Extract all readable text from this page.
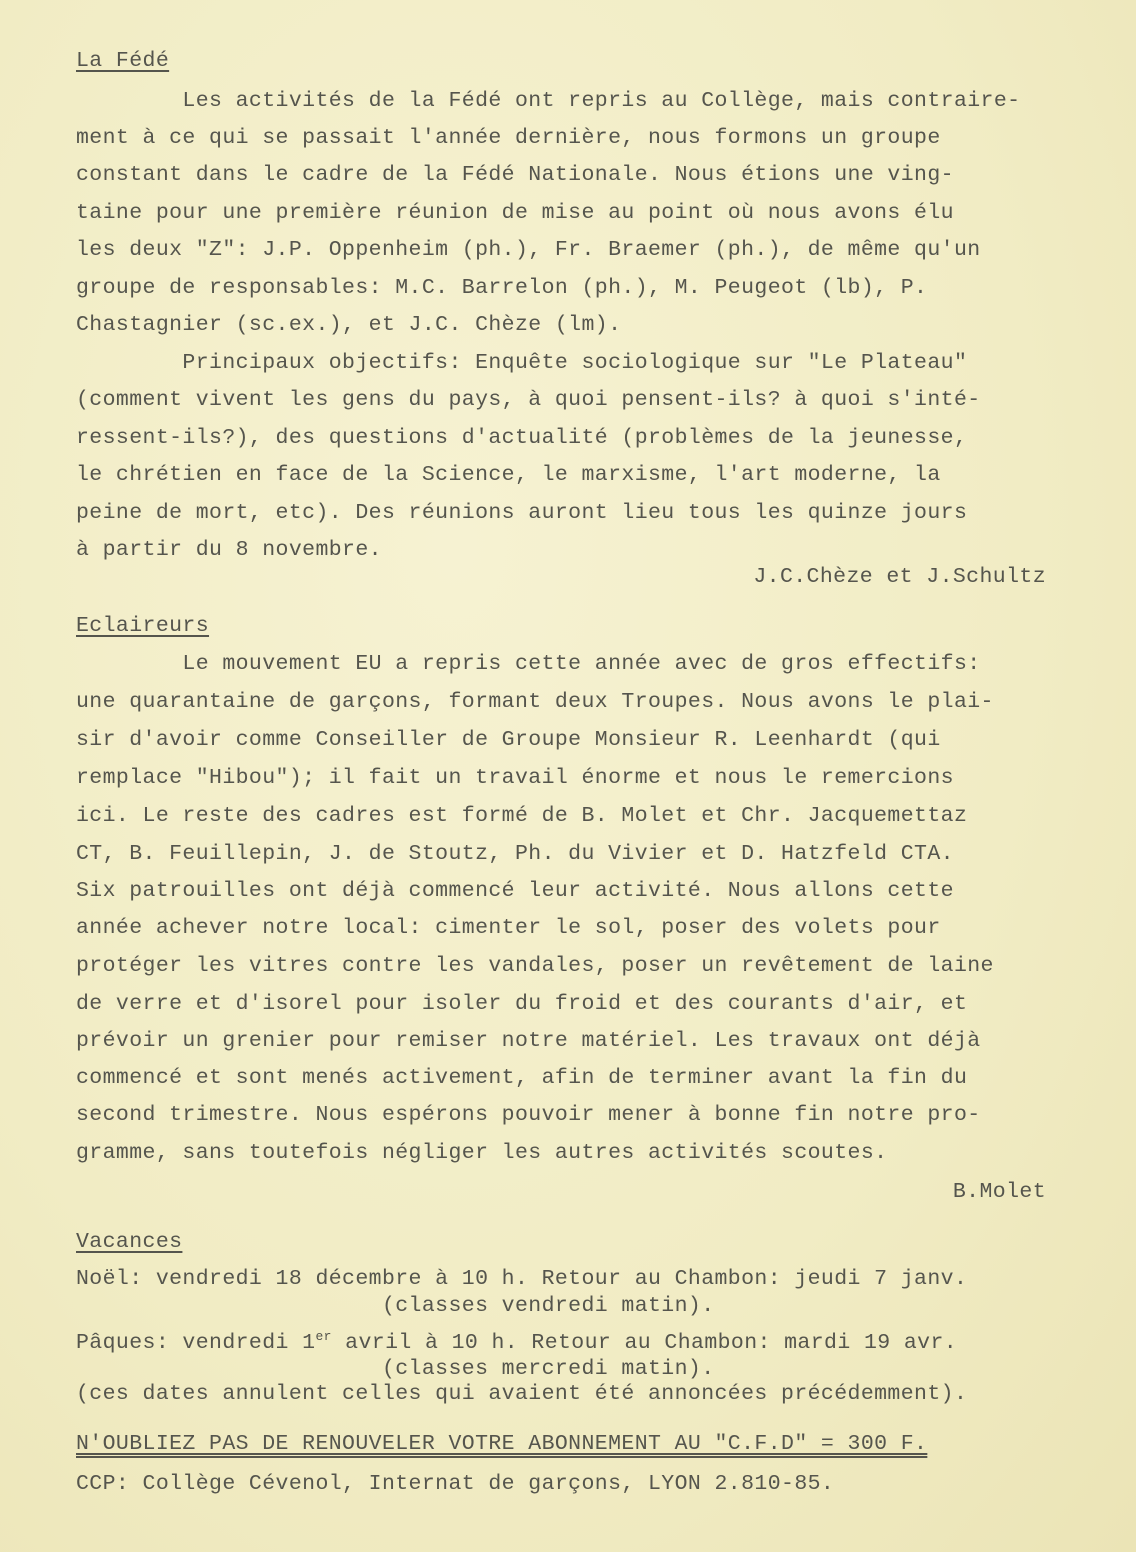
La Fédé
Les activités de la Fédé ont repris au Collège, mais contraire-
ment à ce qui se passait l'année dernière, nous formons un groupe
constant dans le cadre de la Fédé Nationale. Nous étions une ving-
taine pour une première réunion de mise au point où nous avons élu
les deux "Z": J.P. Oppenheim (ph.), Fr. Braemer (ph.), de même qu'un
groupe de responsables: M.C. Barrelon (ph.), M. Peugeot (lb), P.
Chastagnier (sc.ex.), et J.C. Chèze (lm).
Principaux objectifs: Enquête sociologique sur "Le Plateau"
(comment vivent les gens du pays, à quoi pensent-ils? à quoi s'inté-
ressent-ils?), des questions d'actualité (problèmes de la jeunesse,
le chrétien en face de la Science, le marxisme, l'art moderne, la
peine de mort, etc). Des réunions auront lieu tous les quinze jours
à partir du 8 novembre.
J.C.Chèze et J.Schultz
Eclaireurs
Le mouvement EU a repris cette année avec de gros effectifs:
une quarantaine de garçons, formant deux Troupes. Nous avons le plai-
sir d'avoir comme Conseiller de Groupe Monsieur R. Leenhardt (qui
remplace "Hibou"); il fait un travail énorme et nous le remercions
ici. Le reste des cadres est formé de B. Molet et Chr. Jacquemettaz
CT, B. Feuillepin, J. de Stoutz, Ph. du Vivier et D. Hatzfeld CTA.
Six patrouilles ont déjà commencé leur activité. Nous allons cette
année achever notre local: cimenter le sol, poser des volets pour
protéger les vitres contre les vandales, poser un revêtement de laine
de verre et d'isorel pour isoler du froid et des courants d'air, et
prévoir un grenier pour remiser notre matériel. Les travaux ont déjà
commencé et sont menés activement, afin de terminer avant la fin du
second trimestre. Nous espérons pouvoir mener à bonne fin notre pro-
gramme, sans toutefois négliger les autres activités scoutes.
B.Molet
Vacances
Noël: vendredi 18 décembre à 10 h. Retour au Chambon: jeudi 7 janv.
(classes vendredi matin).
Pâques: vendredi 1er avril à 10 h. Retour au Chambon: mardi 19 avr.
(classes mercredi matin).
(ces dates annulent celles qui avaient été annoncées précédemment).
N'OUBLIEZ PAS DE RENOUVELER VOTRE ABONNEMENT AU "C.F.D" = 300 F.
CCP: Collège Cévenol, Internat de garçons, LYON 2.810-85.
